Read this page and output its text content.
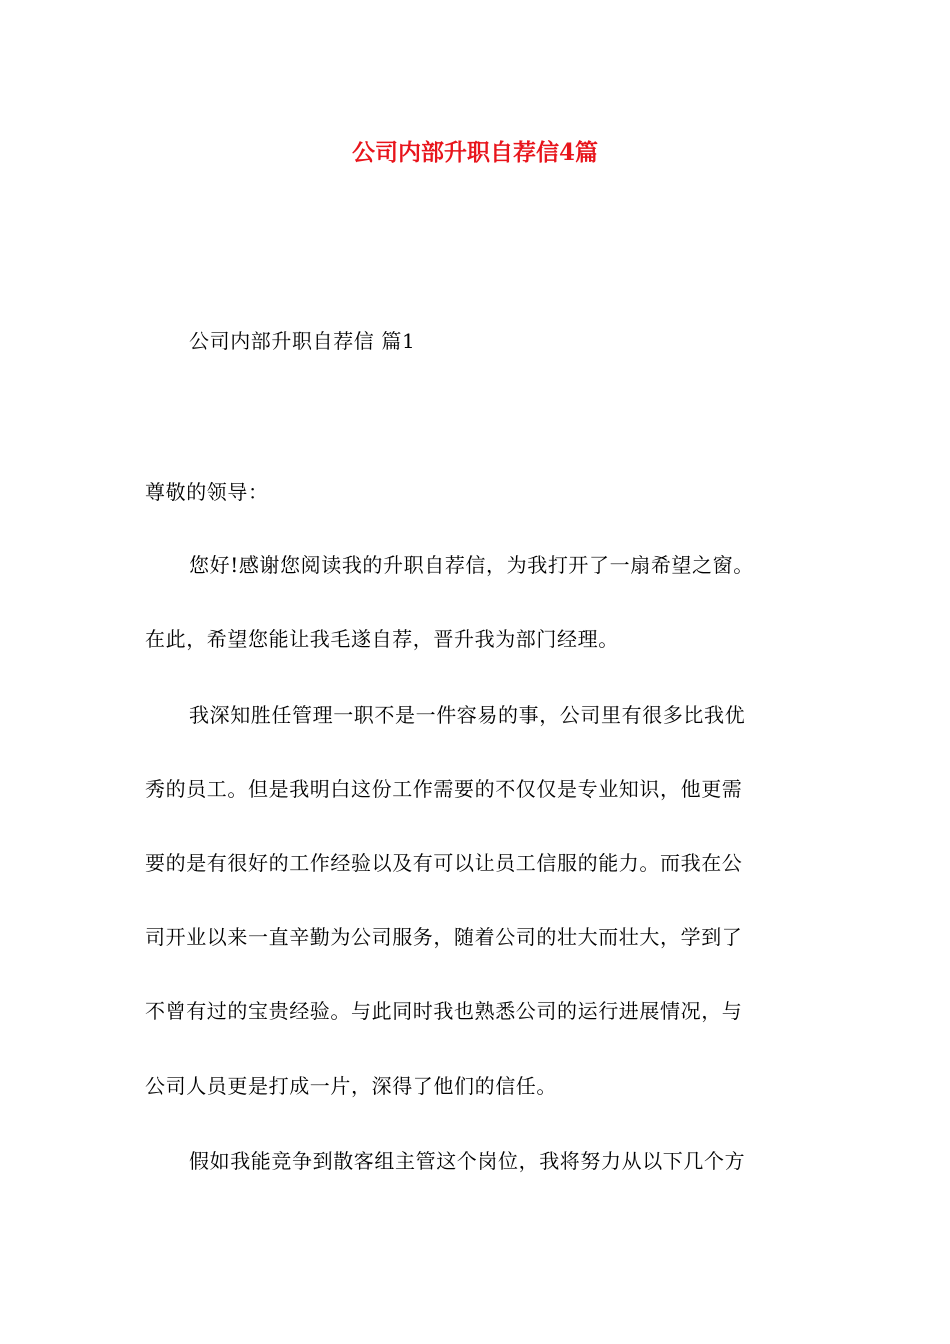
公司内部升职自荐信4篇
公司内部升职自荐信 篇1
尊敬的领导：
您好!感谢您阅读我的升职自荐信，为我打开了一扇希望之窗。
在此，希望您能让我毛遂自荐，晋升我为部门经理。
我深知胜任管理一职不是一件容易的事，公司里有很多比我优
秀的员工。但是我明白这份工作需要的不仅仅是专业知识，他更需
要的是有很好的工作经验以及有可以让员工信服的能力。而我在公
司开业以来一直辛勤为公司服务，随着公司的壮大而壮大，学到了
不曾有过的宝贵经验。与此同时我也熟悉公司的运行进展情况，与
公司人员更是打成一片，深得了他们的信任。
假如我能竞争到散客组主管这个岗位，我将努力从以下几个方
